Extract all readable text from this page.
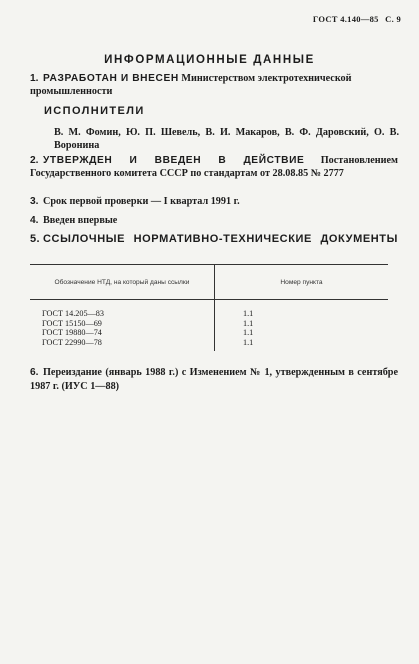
ГОСТ 4.140—85 С. 9
ИНФОРМАЦИОННЫЕ ДАННЫЕ
1. РАЗРАБОТАН И ВНЕСЕН Министерством электротехнической промышленности
ИСПОЛНИТЕЛИ
В. М. Фомин, Ю. П. Шевель, В. И. Макаров, В. Ф. Даровский, О. В. Воронина
2. УТВЕРЖДЕН И ВВЕДЕН В ДЕЙСТВИЕ Постановлением Государственного комитета СССР по стандартам от 28.08.85 № 2777
3. Срок первой проверки — I квартал 1991 г.
4. Введен впервые
5. ССЫЛОЧНЫЕ НОРМАТИВНО-ТЕХНИЧЕСКИЕ ДОКУМЕНТЫ
Обозначение НТД, на который даны ссылки	Номер пункта
ГОСТ 14.205—83	1.1
ГОСТ 15150—69	1.1
ГОСТ 19880—74	1.1
ГОСТ 22990—78	1.1
6. Переиздание (январь 1988 г.) с Изменением № 1, утвержденным в сентябре 1987 г. (ИУС 1—88)
